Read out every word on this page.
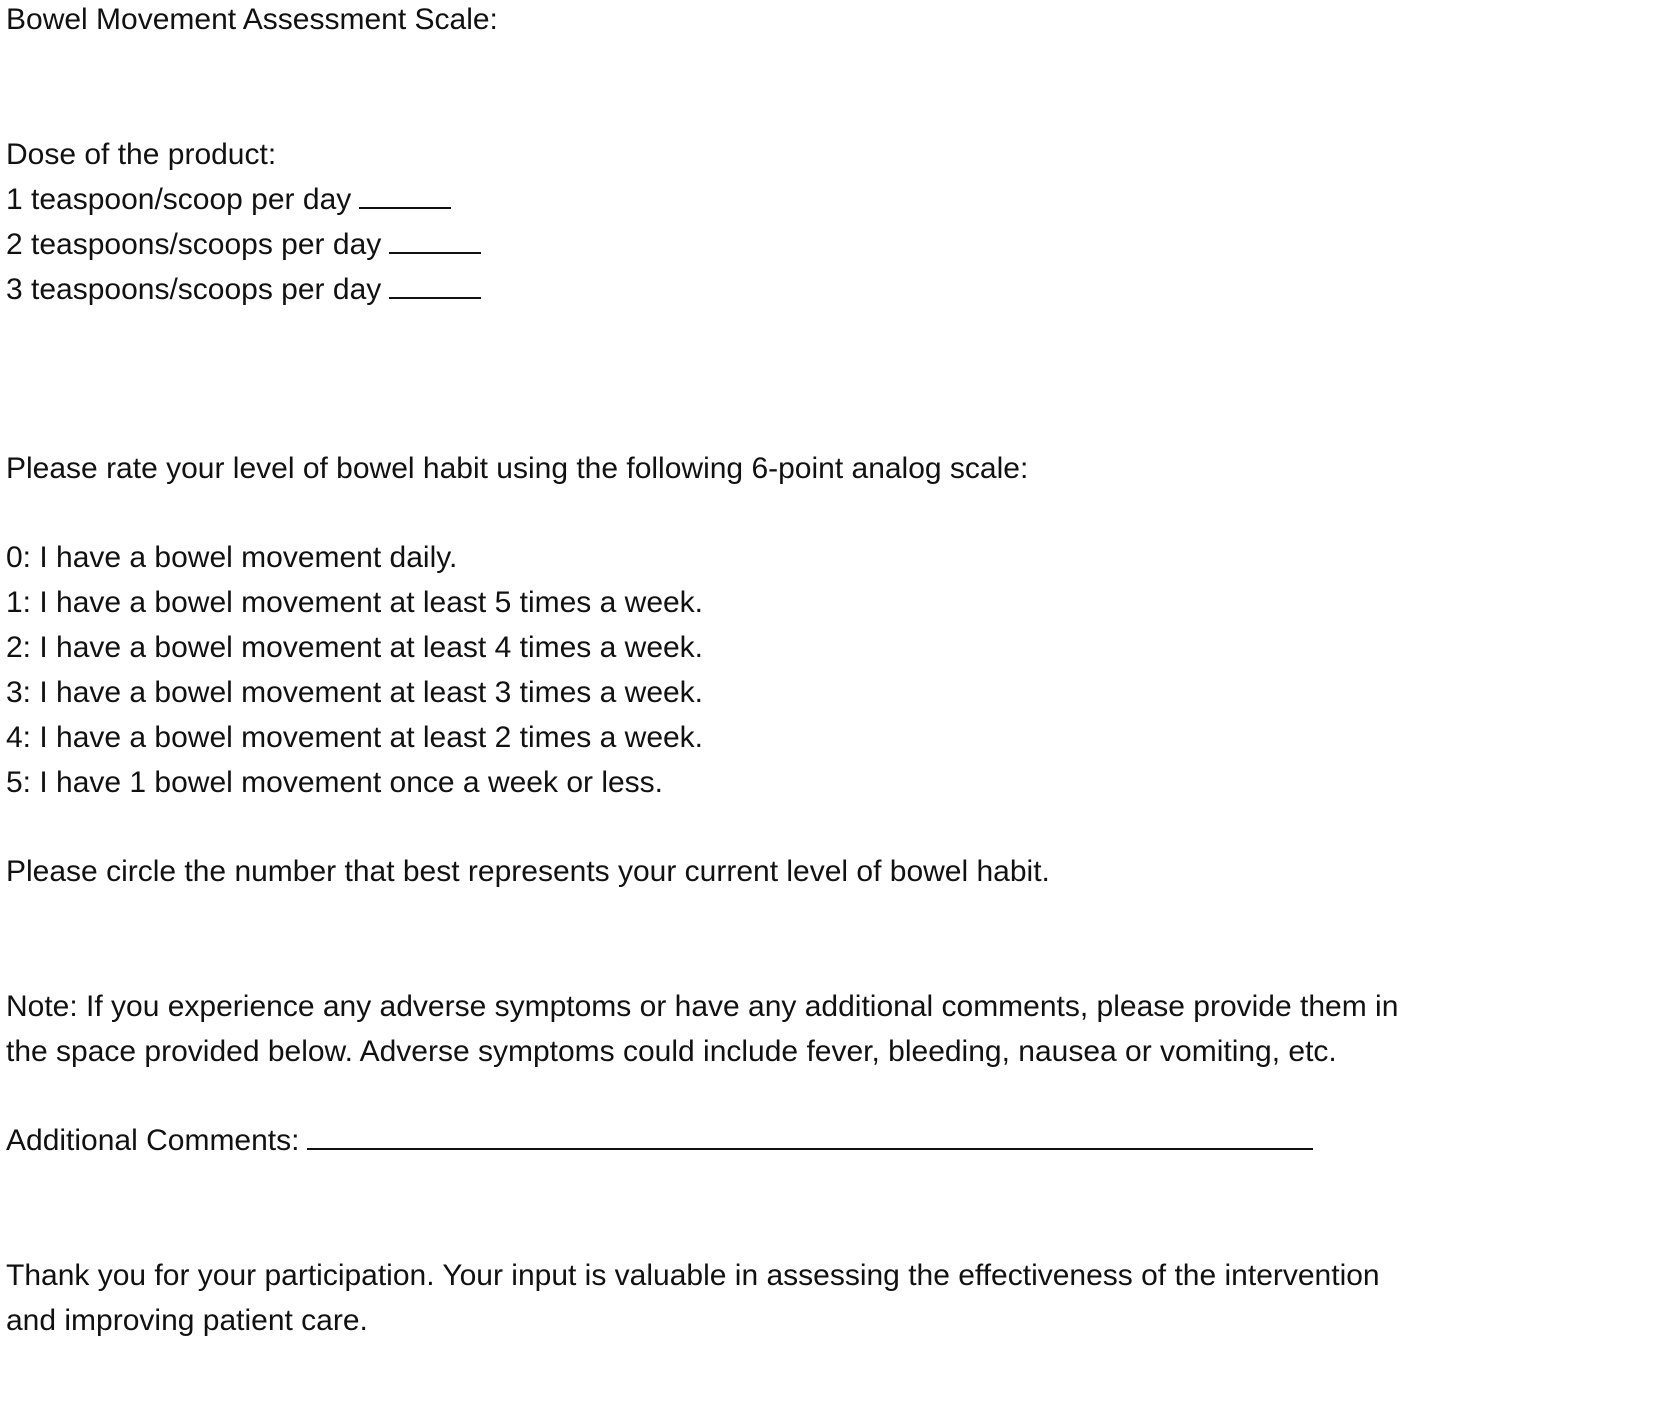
Bowel Movement Assessment Scale:

Dose of the product:

1 teaspoon/scoop per day

2 teaspoons/scoops per day

3 teaspoons/scoops per day

Please rate your level of bowel habit using the following 6-point analog scale:

0: I have a bowel movement daily.

1: I have a bowel movement at least 5 times a week.

2: I have a bowel movement at least 4 times a week.

3: I have a bowel movement at least 3 times a week.

4: I have a bowel movement at least 2 times a week.

5: I have 1 bowel movement once a week or less.

Please circle the number that best represents your current level of bowel habit.

Note: If you experience any adverse symptoms or have any additional comments, please provide them in

the space provided below. Adverse symptoms could include fever, bleeding, nausea or vomiting, etc.

Additional Comments:

Thank you for your participation. Your input is valuable in assessing the effectiveness of the intervention

and improving patient care.
